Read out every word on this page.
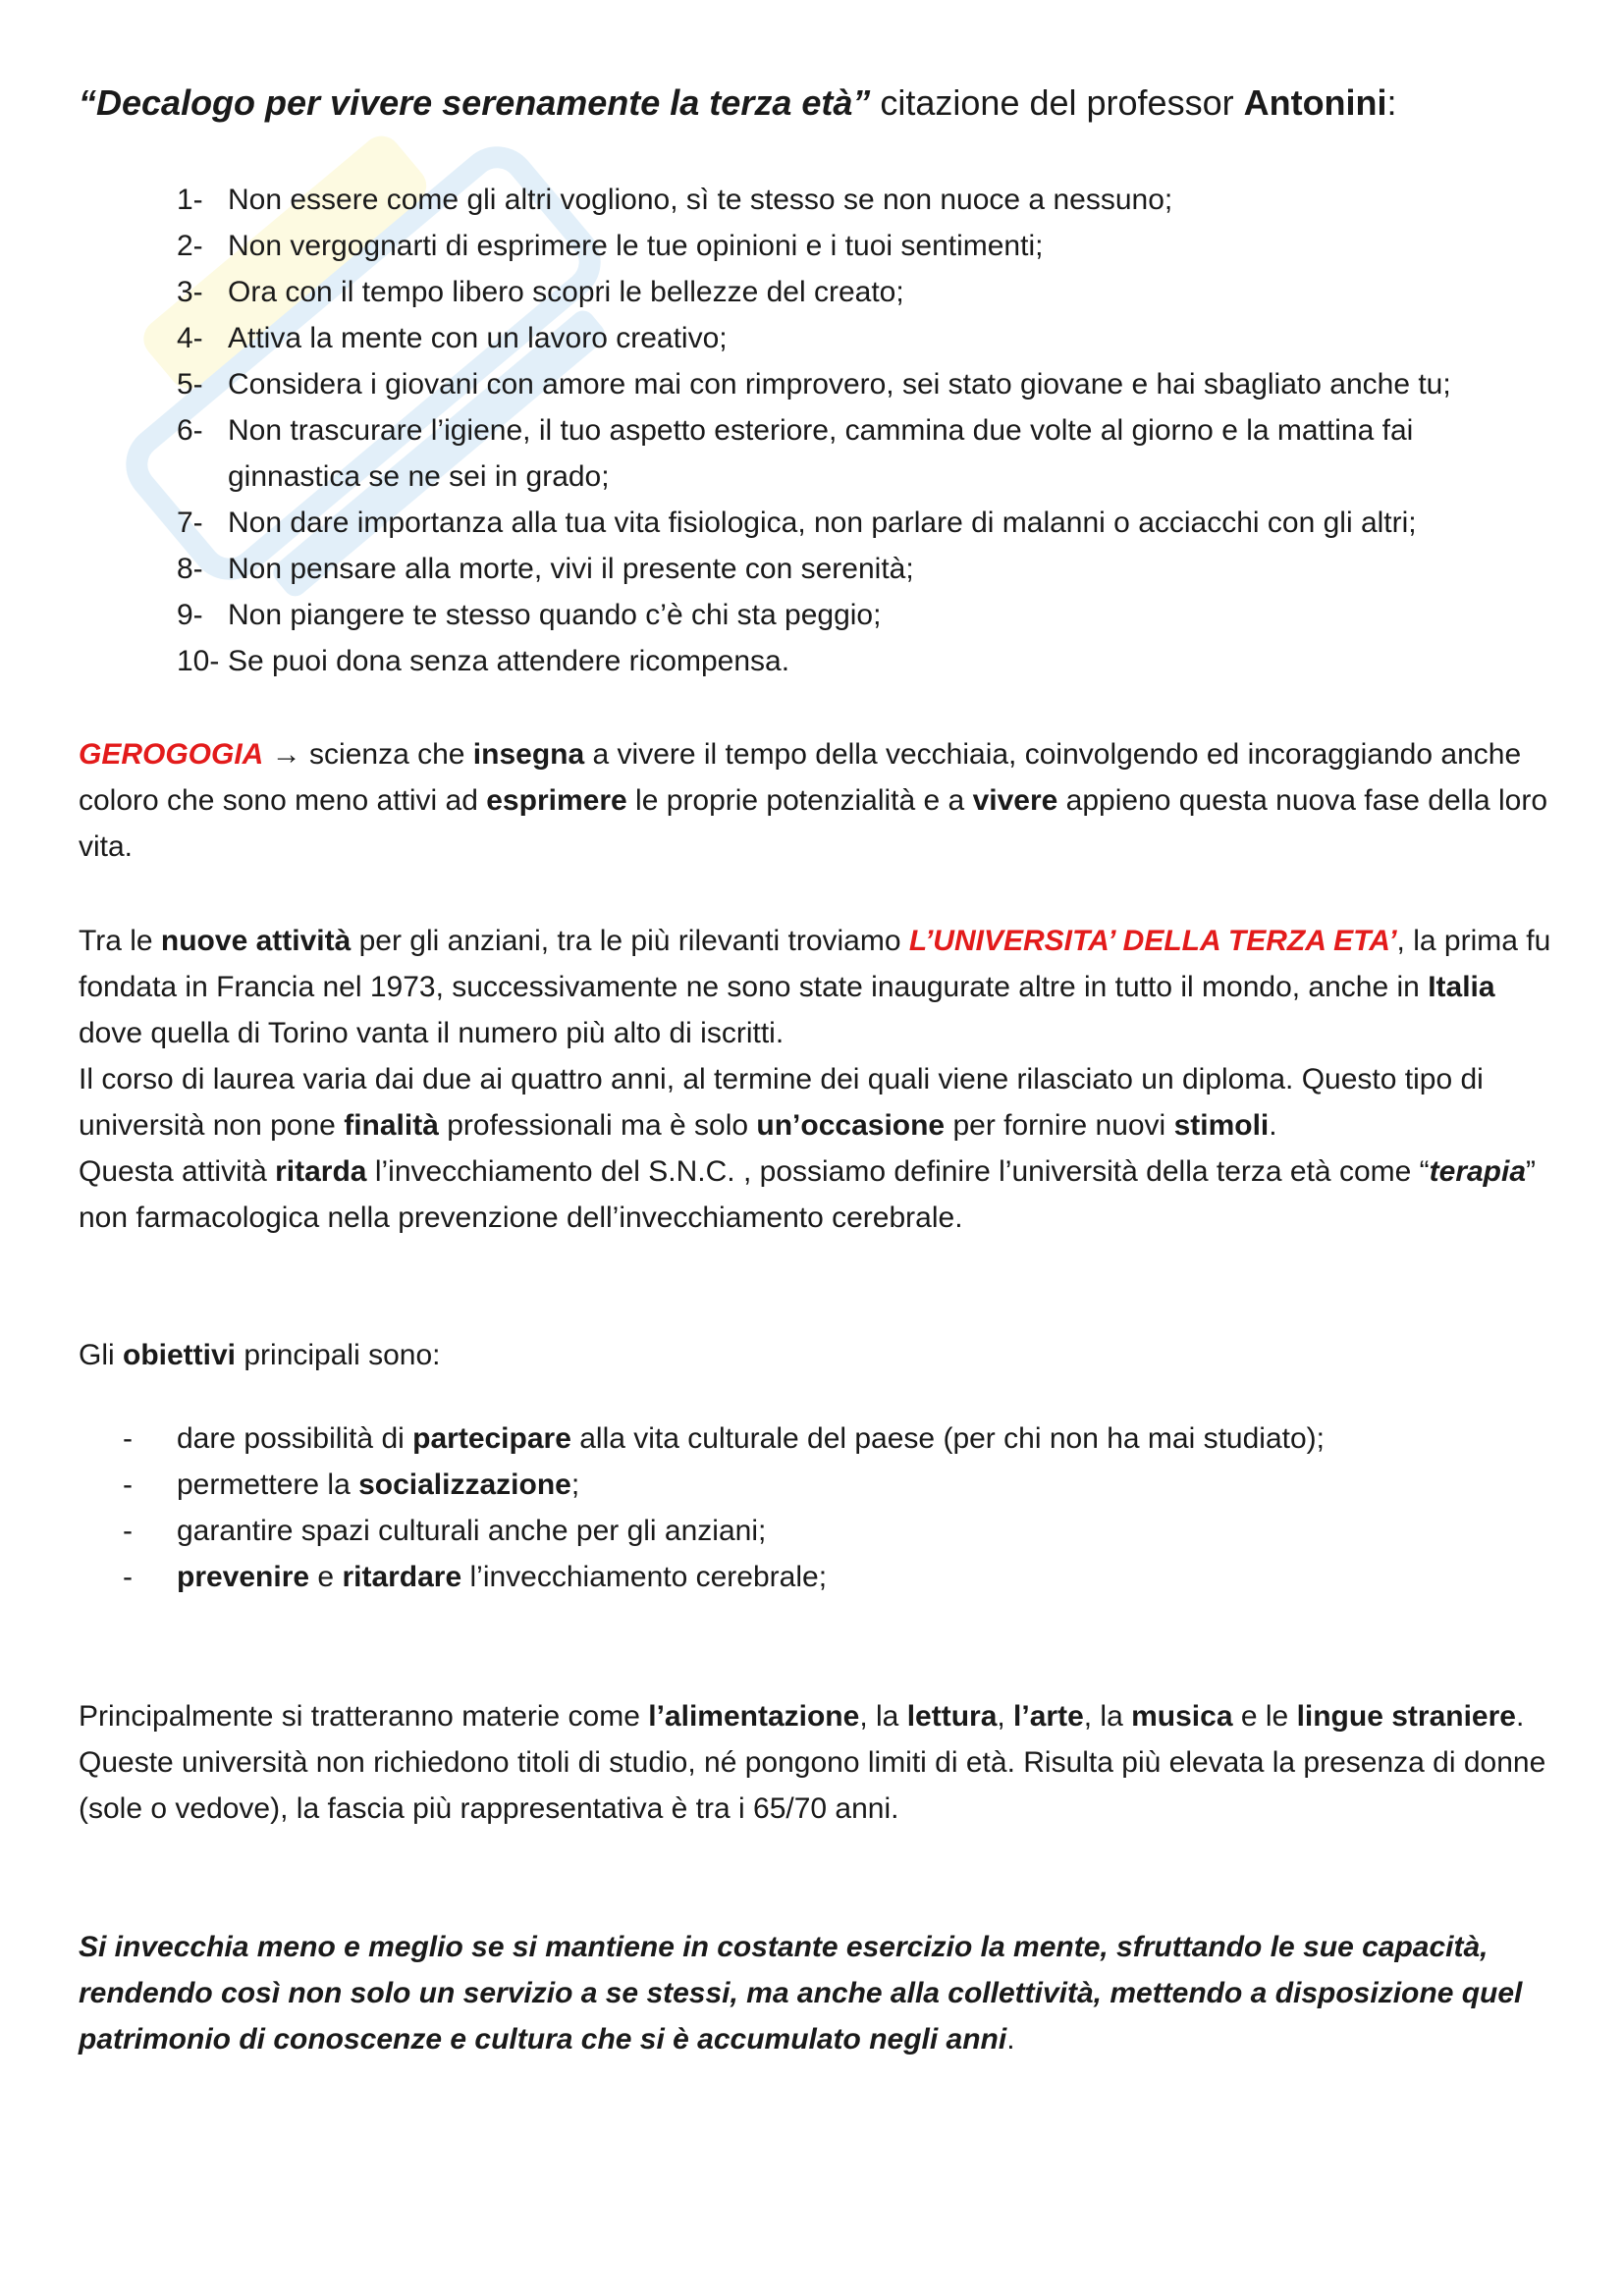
“Decalogo per vivere serenamente la terza età” citazione del professor Antonini:
1- Non essere come gli altri vogliono, sì te stesso se non nuoce a nessuno;
2- Non vergognarti di esprimere le tue opinioni e i tuoi sentimenti;
3- Ora con il tempo libero scopri le bellezze del creato;
4- Attiva la mente con un lavoro creativo;
5- Considera i giovani con amore mai con rimprovero, sei stato giovane e hai sbagliato anche tu;
6- Non trascurare l’igiene, il tuo aspetto esteriore, cammina due volte al giorno e la mattina fai ginnastica se ne sei in grado;
7- Non dare importanza alla tua vita fisiologica, non parlare di malanni o acciacchi con gli altri;
8- Non pensare alla morte, vivi il presente con serenità;
9- Non piangere te stesso quando c’è chi sta peggio;
10- Se puoi dona senza attendere ricompensa.

GEROGOGIA → scienza che insegna a vivere il tempo della vecchiaia, coinvolgendo ed incoraggiando anche coloro che sono meno attivi ad esprimere le proprie potenzialità e a vivere appieno questa nuova fase della loro vita.

Tra le nuove attività per gli anziani, tra le più rilevanti troviamo L’UNIVERSITA’ DELLA TERZA ETA’, la prima fu fondata in Francia nel 1973, successivamente ne sono state inaugurate altre in tutto il mondo, anche in Italia dove quella di Torino vanta il numero più alto di iscritti.
Il corso di laurea varia dai due ai quattro anni, al termine dei quali viene rilasciato un diploma. Questo tipo di università non pone finalità professionali ma è solo un’occasione per fornire nuovi stimoli.
Questa attività ritarda l’invecchiamento del S.N.C. , possiamo definire l’università della terza età come “terapia” non farmacologica nella prevenzione dell’invecchiamento cerebrale.

Gli obiettivi principali sono:

-	dare possibilità di partecipare alla vita culturale del paese (per chi non ha mai studiato);
-	permettere la socializzazione;
-	garantire spazi culturali anche per gli anziani;
-	prevenire e ritardare l’invecchiamento cerebrale;

Principalmente si tratteranno materie come l’alimentazione, la lettura, l’arte, la musica e le lingue straniere. Queste università non richiedono titoli di studio, né pongono limiti di età. Risulta più elevata la presenza di donne (sole o vedove), la fascia più rappresentativa è tra i 65/70 anni.

Si invecchia meno e meglio se si mantiene in costante esercizio la mente, sfruttando le sue capacità, rendendo così non solo un servizio a se stessi, ma anche alla collettività, mettendo a disposizione quel patrimonio di conoscenze e cultura che si è accumulato negli anni.
